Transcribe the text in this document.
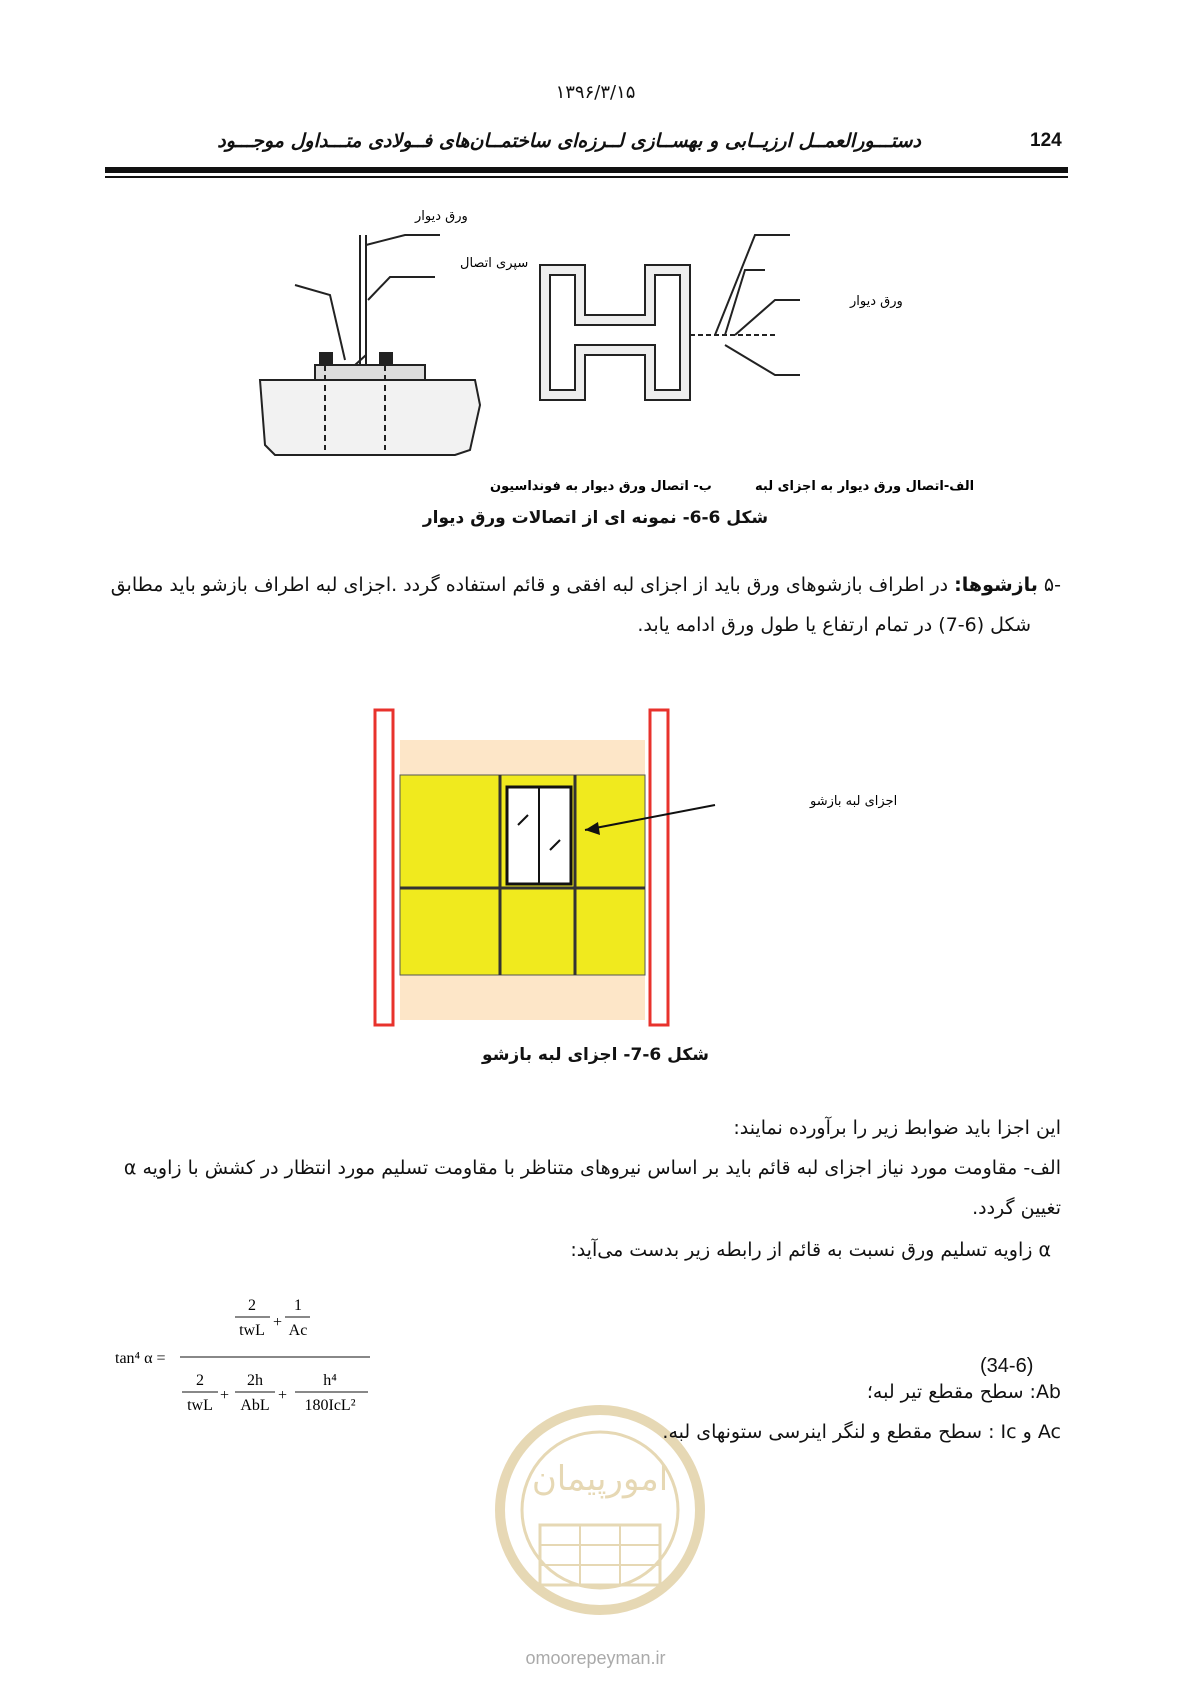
۱۳۹۶/۳/۱۵
دستـــورالعمــل ارزیــابی و بهســازی لــرزه‌ای ساختمــان‌های فــولادی متـــداول موجـــود	124
ورق دیوار
سپری اتصال
ورق دیوار
ب- اتصال ورق دیوار به فونداسیون	الف-اتصال ورق دیوار به اجزای لبه
شکل 6-6- نمونه ای از اتصالات ورق دیوار
-۵ بازشوها: در اطراف بازشوهای ورق باید از اجزای لبه افقی و قائم استفاده گردد .اجزای لبه اطراف بازشو باید مطابق
شکل (6-7) در تمام ارتفاع یا طول ورق ادامه یابد.
اجزای لبه بازشو
شکل 6-7- اجزای لبه بازشو
این اجزا باید ضوابط زیر را برآورده نمایند:
الف- مقاومت مورد نیاز اجزای لبه قائم باید بر اساس نیروهای متناظر با مقاومت تسلیم مورد انتظار در کشش با زاویه α
تغیین گردد.
α زاویه تسلیم ورق نسبت به قائم از رابطه زیر بدست می‌آید:
tan⁴ α =
2
twL +
1
Ac
2
twL
+
2h
AbL
+
h⁴
180IcL²
(34-6)
امورپیمان
Ab: سطح مقطع تیر لبه؛
Ac و Ic : سطح مقطع و لنگر اینرسی ستونهای لبه.
omoorepeyman.ir
